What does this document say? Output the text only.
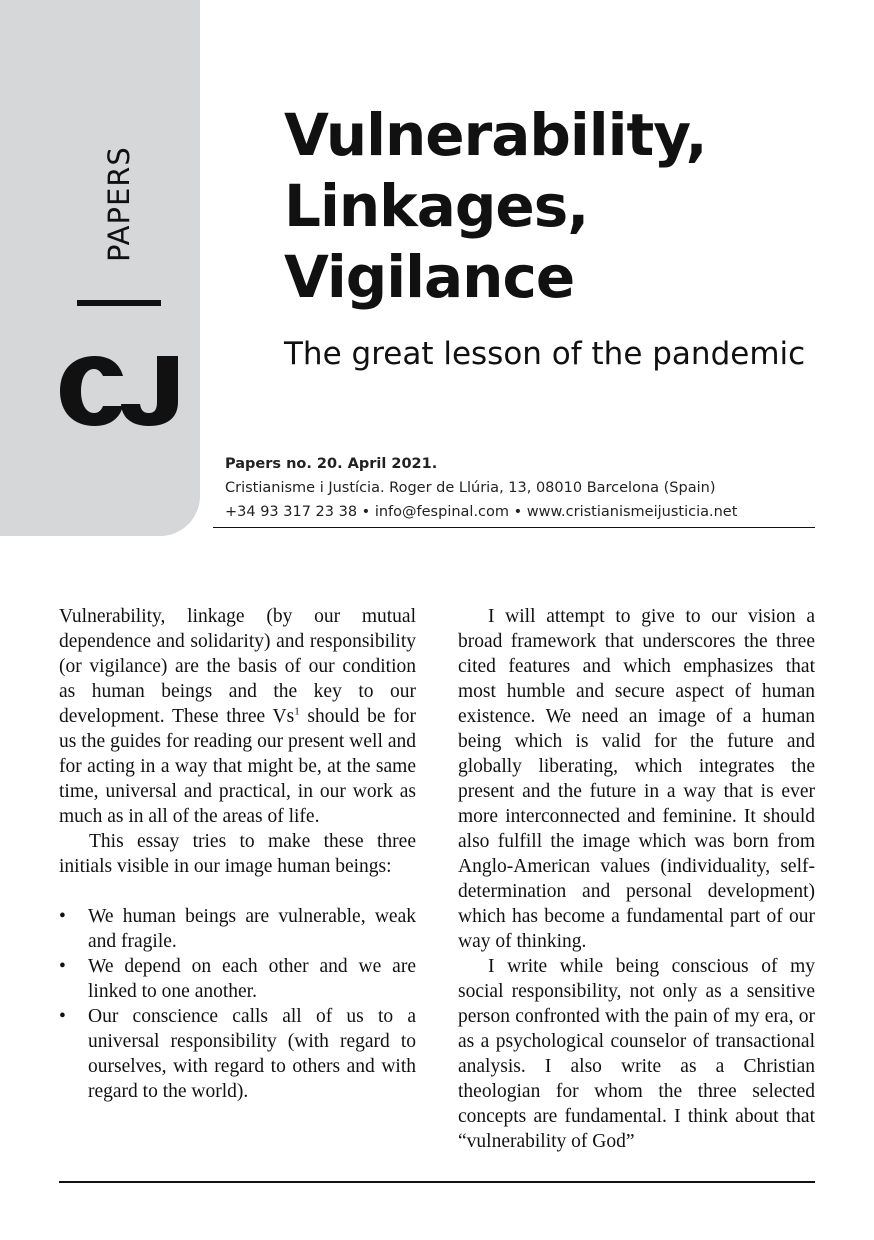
PAPERS
Vulnerability,
Linkages,
Vigilance
The great lesson of the pandemic
Papers no. 20. April 2021.
Cristianisme i Justícia. Roger de Llúria, 13, 08010 Barcelona (Spain)
+34 93 317 23 38 • info@fespinal.com • www.cristianismeijusticia.net

Vulnerability, linkage (by our mutual dependence and solidarity) and responsibility (or vigilance) are the basis of our condition as human beings and the key to our development. These three Vs$^1$ should be for us the guides for reading our present well and for acting in a way that might be, at the same time, universal and practical, in our work as much as in all of the areas of life.

This essay tries to make these three initials visible in our image human beings:

• We human beings are vulnerable, weak and fragile.
• We depend on each other and we are linked to one another.
• Our conscience calls all of us to a universal responsibility (with regard to ourselves, with regard to others and with regard to the world).

I will attempt to give to our vision a broad framework that underscores the three cited features and which emphasizes that most humble and secure aspect of human existence. We need an image of a human being which is valid for the future and globally liberating, which integrates the present and the future in a way that is ever more interconnected and feminine. It should also fulfill the image which was born from Anglo-American values (individuality, self-determination and personal development) which has become a fundamental part of our way of thinking.

I write while being conscious of my social responsibility, not only as a sensitive person confronted with the pain of my era, or as a psychological counselor of transactional analysis. I also write as a Christian theologian for whom the three selected concepts are fundamental. I think about that “vulnerability of God”
